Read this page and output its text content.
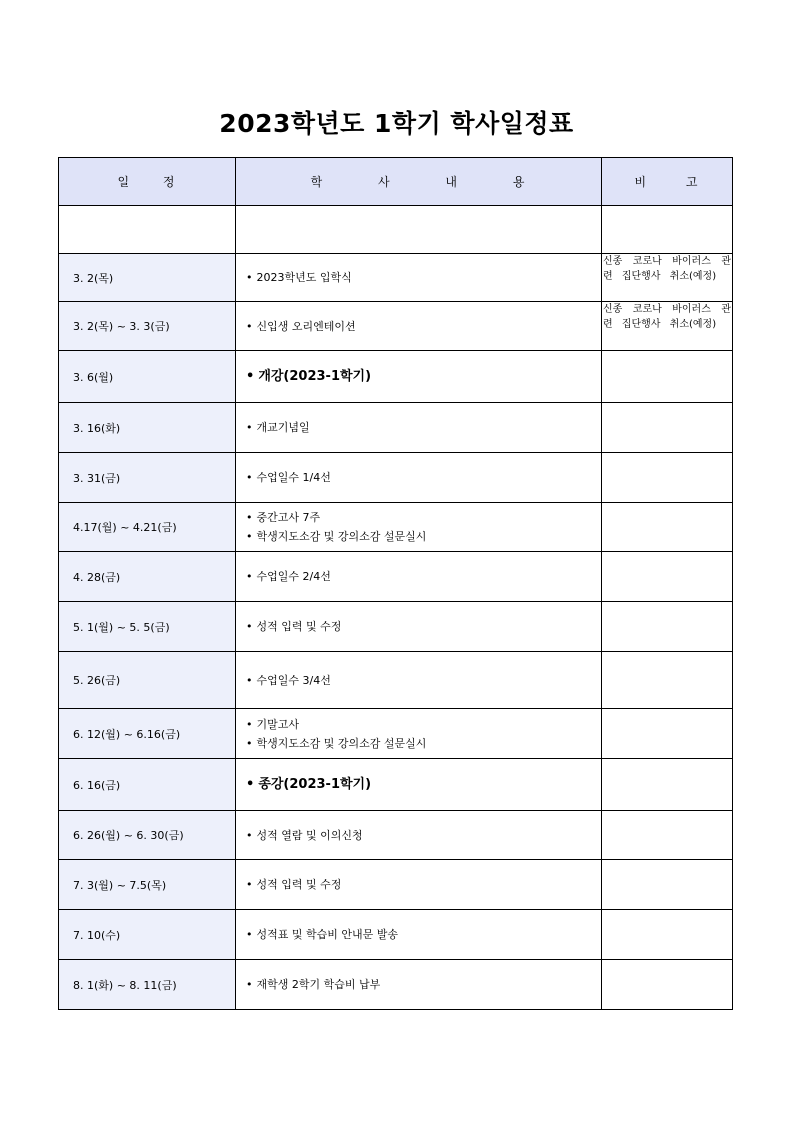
2023학년도 1학기 학사일정표
일 정	학 사 내 용	비 고

3. 2(목)	• 2023학년도 입학식	신종 코로나 바이러스 관련 집단행사 취소(예정)
3. 2(목) ~ 3. 3(금)	• 신입생 오리엔테이션	신종 코로나 바이러스 관련 집단행사 취소(예정)
3. 6(월)	• 개강(2023-1학기)	

3. 16(화)	• 개교기념일	

3. 31(금)	• 수업일수 1/4선	

4.17(월) ~ 4.21(금)	• 중간고사 7주
• 학생지도소감 및 강의소감 설문실시	

4. 28(금)	• 수업일수 2/4선	

5. 1(월) ~ 5. 5(금)	• 성적 입력 및 수정	

5. 26(금)	• 수업일수 3/4선	

6. 12(월) ~ 6.16(금)	• 기말고사
• 학생지도소감 및 강의소감 설문실시	

6. 16(금)	• 종강(2023-1학기)	

6. 26(월) ~ 6. 30(금)	• 성적 열람 및 이의신청	

7. 3(월) ~ 7.5(목)	• 성적 입력 및 수정	

7. 10(수)	• 성적표 및 학습비 안내문 발송	

8. 1(화) ~ 8. 11(금)	• 재학생 2학기 학습비 납부	
